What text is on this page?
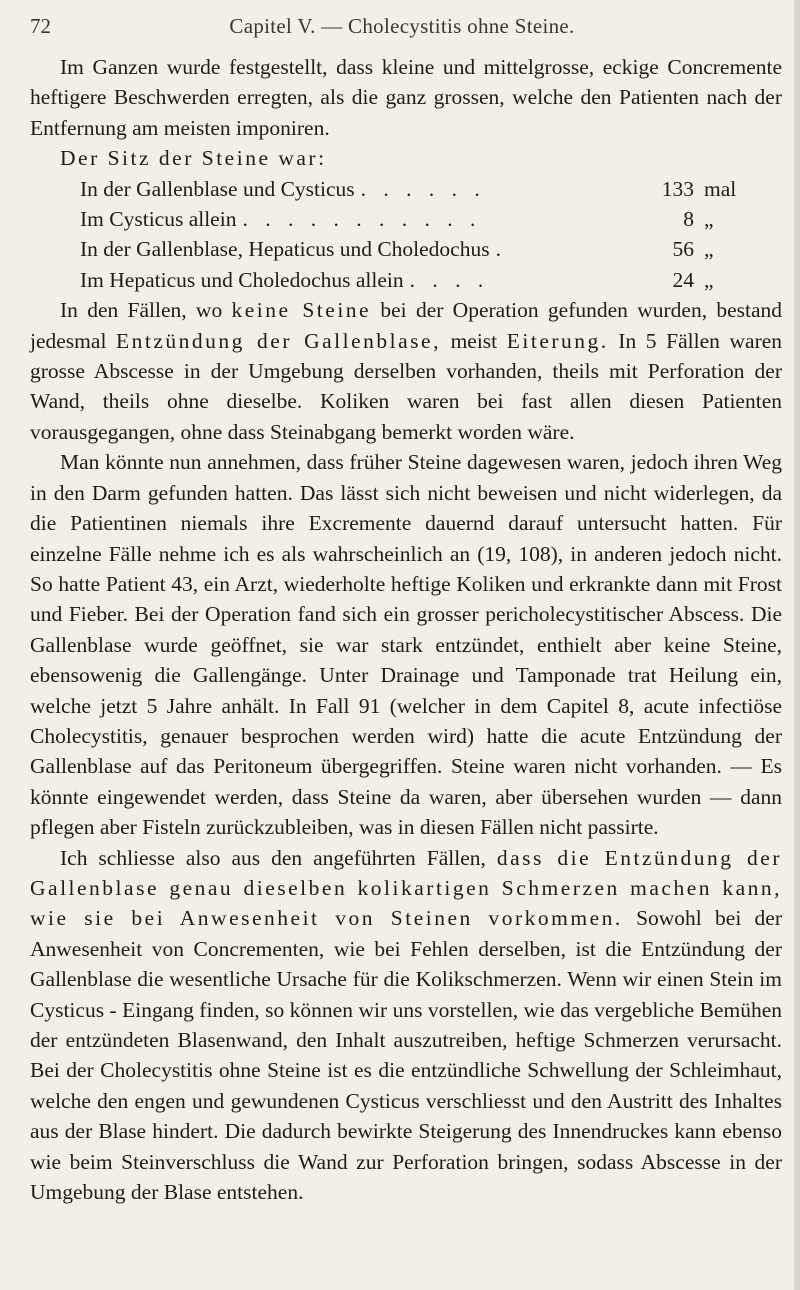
72	Capitel V. — Cholecystitis ohne Steine.

Im Ganzen wurde festgestellt, dass kleine und mittelgrosse, eckige Concremente heftigere Beschwerden erregten, als die ganz grossen, welche den Patienten nach der Entfernung am meisten imponiren.

Der Sitz der Steine war:

In der Gallenblase und Cysticus . . . . . .	133 mal
Im Cysticus allein . . . . . . . . . . .	8 „
In der Gallenblase, Hepaticus und Choledochus .	56 „
Im Hepaticus und Choledochus allein . . . .	24 „

In den Fällen, wo keine Steine bei der Operation gefunden wurden, bestand jedesmal Entzündung der Gallenblase, meist Eiterung. In 5 Fällen waren grosse Abscesse in der Umgebung derselben vorhanden, theils mit Perforation der Wand, theils ohne dieselbe. Koliken waren bei fast allen diesen Patienten vorausgegangen, ohne dass Steinabgang bemerkt worden wäre.

Man könnte nun annehmen, dass früher Steine dagewesen waren, jedoch ihren Weg in den Darm gefunden hatten. Das lässt sich nicht beweisen und nicht widerlegen, da die Patientinen niemals ihre Excremente dauernd darauf untersucht hatten. Für einzelne Fälle nehme ich es als wahrscheinlich an (19, 108), in anderen jedoch nicht. So hatte Patient 43, ein Arzt, wiederholte heftige Koliken und erkrankte dann mit Frost und Fieber. Bei der Operation fand sich ein grosser pericholecystitischer Abscess. Die Gallenblase wurde geöffnet, sie war stark entzündet, enthielt aber keine Steine, ebensowenig die Gallengänge. Unter Drainage und Tamponade trat Heilung ein, welche jetzt 5 Jahre anhält. In Fall 91 (welcher in dem Capitel 8, acute infectiöse Cholecystitis, genauer besprochen werden wird) hatte die acute Entzündung der Gallenblase auf das Peritoneum übergegriffen. Steine waren nicht vorhanden. — Es könnte eingewendet werden, dass Steine da waren, aber übersehen wurden — dann pflegen aber Fisteln zurückzubleiben, was in diesen Fällen nicht passirte.

Ich schliesse also aus den angeführten Fällen, dass die Entzündung der Gallenblase genau dieselben kolikartigen Schmerzen machen kann, wie sie bei Anwesenheit von Steinen vorkommen. Sowohl bei der Anwesenheit von Concrementen, wie bei Fehlen derselben, ist die Entzündung der Gallenblase die wesentliche Ursache für die Kolikschmerzen. Wenn wir einen Stein im Cysticus - Eingang finden, so können wir uns vorstellen, wie das vergebliche Bemühen der entzündeten Blasenwand, den Inhalt auszutreiben, heftige Schmerzen verursacht. Bei der Cholecystitis ohne Steine ist es die entzündliche Schwellung der Schleimhaut, welche den engen und gewundenen Cysticus verschliesst und den Austritt des Inhaltes aus der Blase hindert. Die dadurch bewirkte Steigerung des Innendruckes kann ebenso wie beim Steinverschluss die Wand zur Perforation bringen, sodass Abscesse in der Umgebung der Blase entstehen.
